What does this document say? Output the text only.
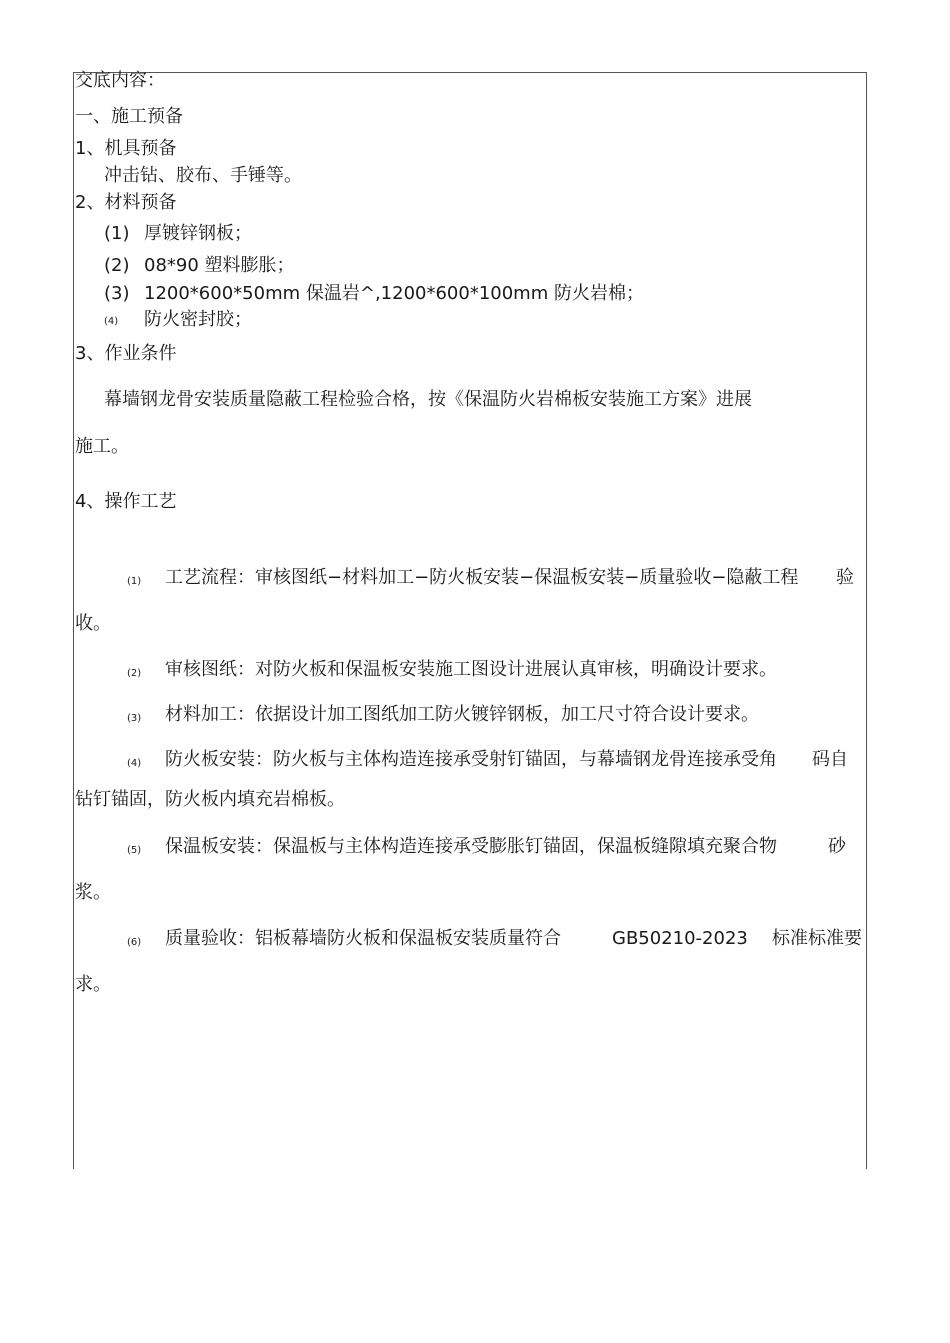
交底内容：
一、施工预备
1、机具预备
冲击钻、胶布、手锤等。
2、材料预备
(1) 厚镀锌钢板；
(2) 08*90 塑料膨胀；
(3) 1200*600*50mm 保温岩^,1200*600*100mm 防火岩棉；
(4) 防火密封胶；
3、作业条件
幕墙钢龙骨安装质量隐蔽工程检验合格，按《保温防火岩棉板安装施工方案》进展
施工。
4、操作工艺
(1) 工艺流程：审核图纸−材料加工−防火板安装−保温板安装−质量验收−隐蔽工程 验
收。
(2) 审核图纸：对防火板和保温板安装施工图设计进展认真审核，明确设计要求。
(3) 材料加工：依据设计加工图纸加工防火镀锌钢板，加工尺寸符合设计要求。
(4) 防火板安装：防火板与主体构造连接承受射钉锚固，与幕墙钢龙骨连接承受角 码自
钻钉锚固，防火板内填充岩棉板。
(5) 保温板安装：保温板与主体构造连接承受膨胀钉锚固，保温板缝隙填充聚合物	砂
浆。
(6) 质量验收：铝板幕墙防火板和保温板安装质量符合	GB50210-2023 标准标准要
求。
